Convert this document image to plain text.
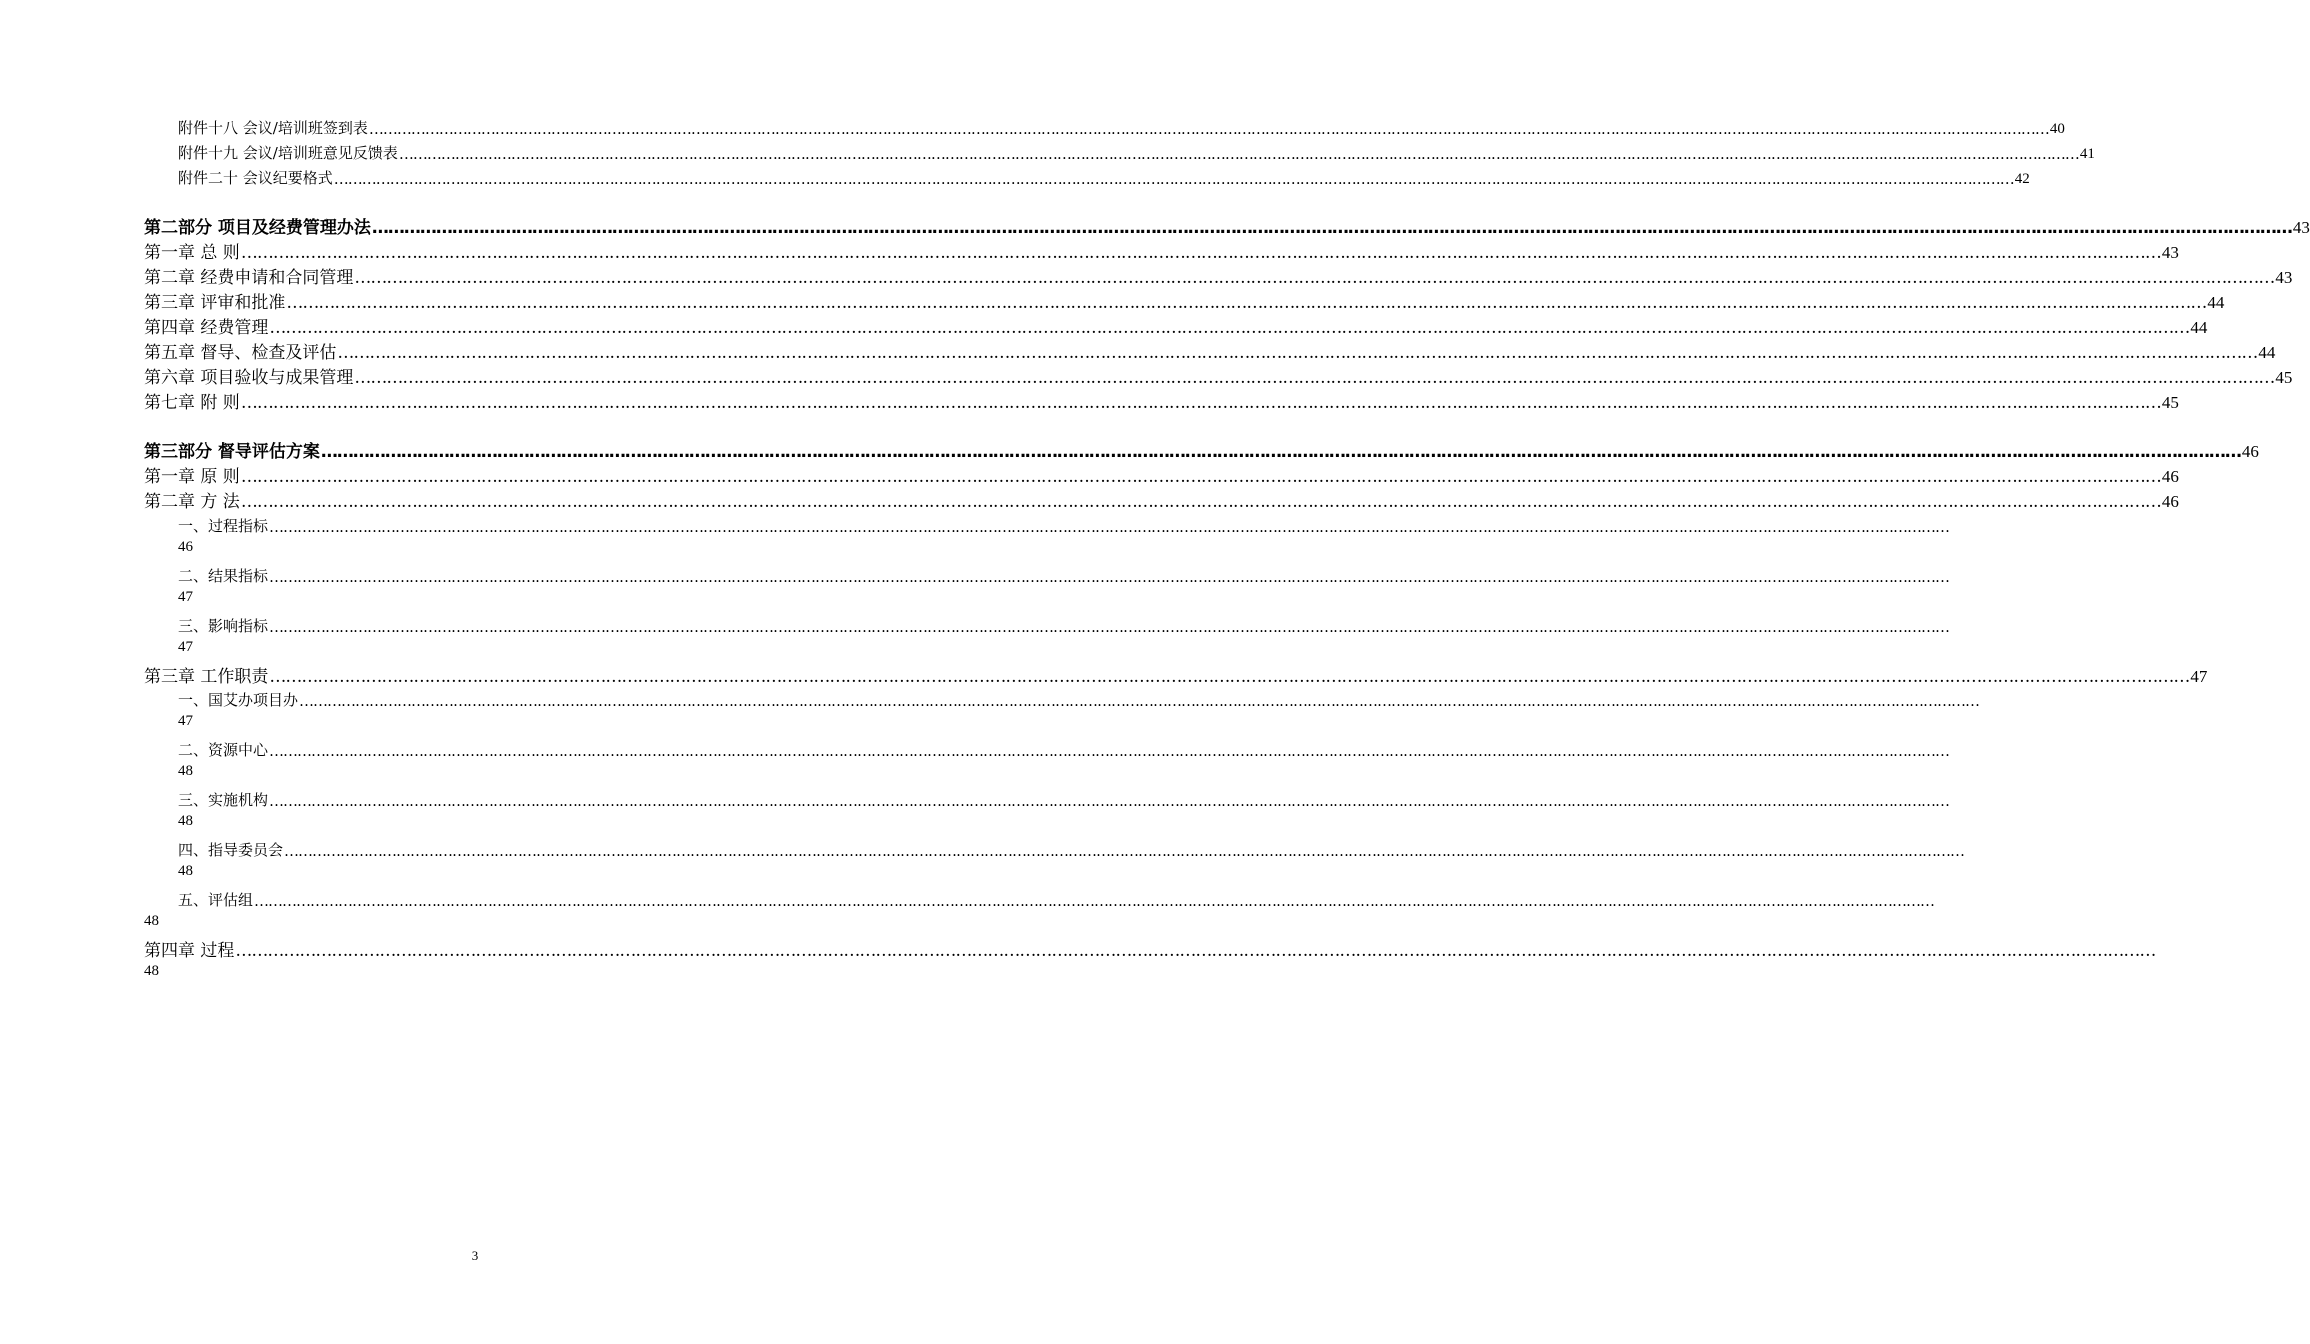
附件十八 会议/培训班签到表 ……………………………………………………………………………………………………………………………………………………………………………………………………………………………………………………………………………………………………………………………… 40
附件十九 会议/培训班意见反馈表 ……………………………………………………………………………………………………………………………………………………………………………………………………………………………………………………………………………………………………………………………… 41
附件二十 会议纪要格式 ……………………………………………………………………………………………………………………………………………………………………………………………………………………………………………………………………………………………………………………………… 42
第二部分 项目及经费管理办法 ……………………………………………………………………………………………………………………………………………………………………………………………………………………………………………………………………………………………………………………………… 43
第一章 总 则 ……………………………………………………………………………………………………………………………………………………………………………………………………………………………………………………………………………………………………………………………… 43
第二章 经费申请和合同管理 ……………………………………………………………………………………………………………………………………………………………………………………………………………………………………………………………………………………………………………………………… 43
第三章 评审和批准 ……………………………………………………………………………………………………………………………………………………………………………………………………………………………………………………………………………………………………………………………… 44
第四章 经费管理 ……………………………………………………………………………………………………………………………………………………………………………………………………………………………………………………………………………………………………………………………… 44
第五章 督导、检查及评估 ……………………………………………………………………………………………………………………………………………………………………………………………………………………………………………………………………………………………………………………………… 44
第六章 项目验收与成果管理 ……………………………………………………………………………………………………………………………………………………………………………………………………………………………………………………………………………………………………………………………… 45
第七章 附 则 ……………………………………………………………………………………………………………………………………………………………………………………………………………………………………………………………………………………………………………………………… 45
第三部分 督导评估方案 ……………………………………………………………………………………………………………………………………………………………………………………………………………………………………………………………………………………………………………………………… 46
第一章 原 则 ……………………………………………………………………………………………………………………………………………………………………………………………………………………………………………………………………………………………………………………………… 46
第二章 方 法 ……………………………………………………………………………………………………………………………………………………………………………………………………………………………………………………………………………………………………………………………… 46
一、过程指标 ………………………………………………………………………………………………………………………………………………………………………………………………………………………………………………………………………………………………………………………………
46
二、结果指标 ………………………………………………………………………………………………………………………………………………………………………………………………………………………………………………………………………………………………………………………………
47
三、影响指标 ………………………………………………………………………………………………………………………………………………………………………………………………………………………………………………………………………………………………………………………………
47
第三章 工作职责 ……………………………………………………………………………………………………………………………………………………………………………………………………………………………………………………………………………………………………………………………… 47
一、国艾办项目办 ………………………………………………………………………………………………………………………………………………………………………………………………………………………………………………………………………………………………………………………………
47
二、资源中心 ………………………………………………………………………………………………………………………………………………………………………………………………………………………………………………………………………………………………………………………………
48
三、实施机构 ………………………………………………………………………………………………………………………………………………………………………………………………………………………………………………………………………………………………………………………………
48
四、指导委员会 ………………………………………………………………………………………………………………………………………………………………………………………………………………………………………………………………………………………………………………………………
48
五、评估组 ………………………………………………………………………………………………………………………………………………………………………………………………………………………………………………………………………………………………………………………………
48
第四章 过程 ………………………………………………………………………………………………………………………………………………………………………………………………………………………………………………………………………………………………………………………………
48
3
